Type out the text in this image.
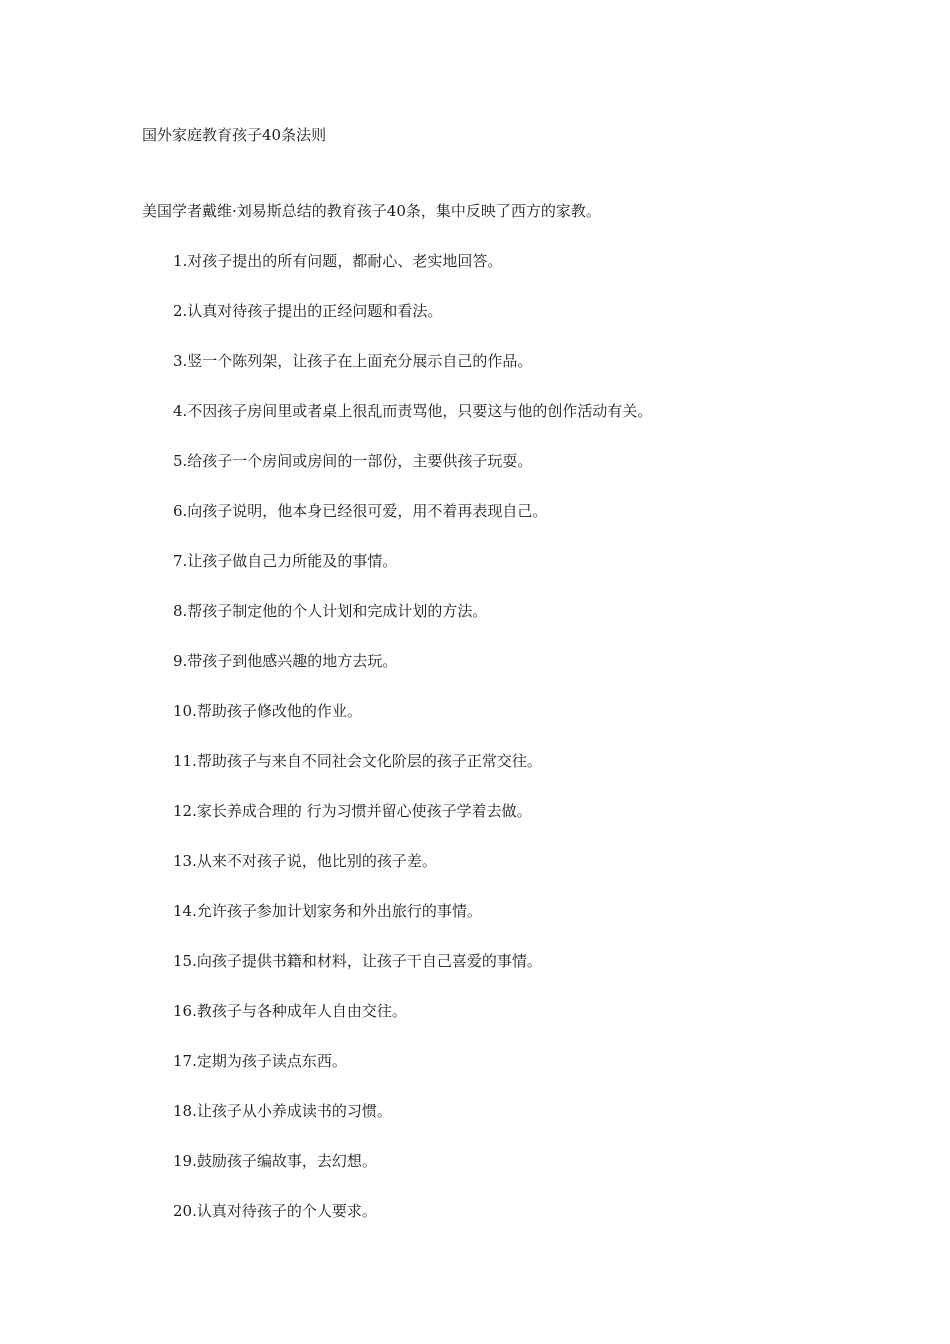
国外家庭教育孩子40条法则
美国学者戴维·刘易斯总结的教育孩子40条，集中反映了西方的家教。
1.对孩子提出的所有问题，都耐心、老实地回答。
2.认真对待孩子提出的正经问题和看法。
3.竖一个陈列架，让孩子在上面充分展示自己的作品。
4.不因孩子房间里或者桌上很乱而责骂他，只要这与他的创作活动有关。
5.给孩子一个房间或房间的一部份，主要供孩子玩耍。
6.向孩子说明，他本身已经很可爱，用不着再表现自己。
7.让孩子做自己力所能及的事情。
8.帮孩子制定他的个人计划和完成计划的方法。
9.带孩子到他感兴趣的地方去玩。
10.帮助孩子修改他的作业。
11.帮助孩子与来自不同社会文化阶层的孩子正常交往。
12.家长养成合理的 行为习惯并留心使孩子学着去做。
13.从来不对孩子说，他比别的孩子差。
14.允许孩子参加计划家务和外出旅行的事情。
15.向孩子提供书籍和材料，让孩子干自己喜爱的事情。
16.教孩子与各种成年人自由交往。
17.定期为孩子读点东西。
18.让孩子从小养成读书的习惯。
19.鼓励孩子编故事，去幻想。
20.认真对待孩子的个人要求。
